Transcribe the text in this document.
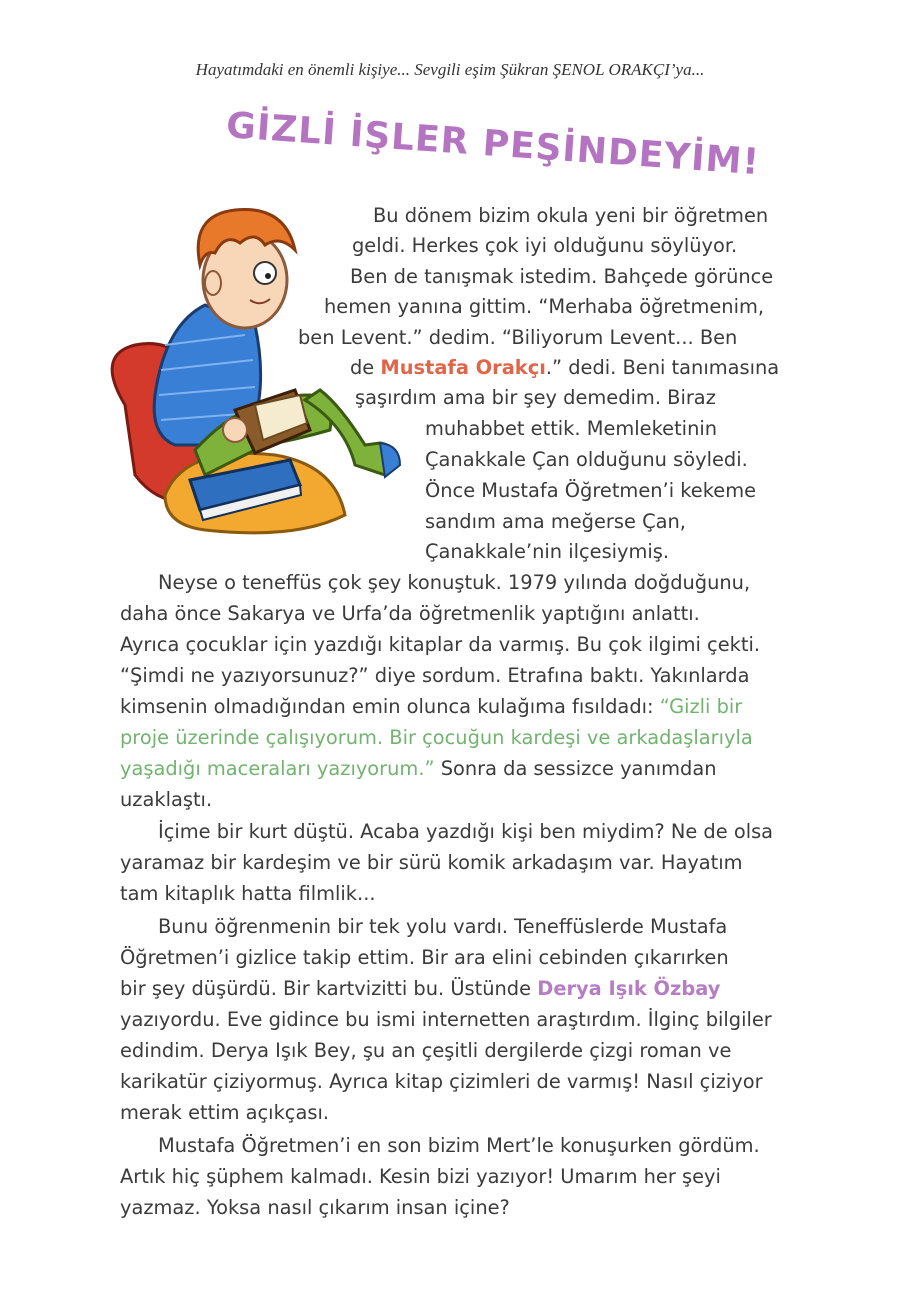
Hayatımdaki en önemli kişiye... Sevgili eşim Şükran ŞENOL ORAKÇI’ya...
GİZLİ İŞLER PEŞİNDEYİM!
Bu dönem bizim okula yeni bir öğretmen
geldi. Herkes çok iyi olduğunu söylüyor.
Ben de tanışmak istedim. Bahçede görünce
hemen yanına gittim. “Merhaba öğretmenim,
ben Levent.” dedim. “Biliyorum Levent... Ben
de Mustafa Orakçı.” dedi. Beni tanımasına
şaşırdım ama bir şey demedim. Biraz
muhabbet ettik. Memleketinin
Çanakkale Çan olduğunu söyledi.
Önce Mustafa Öğretmen’i kekeme
sandım ama meğerse Çan,
Çanakkale’nin ilçesiymiş.
Neyse o teneffüs çok şey konuştuk. 1979 yılında doğduğunu,
daha önce Sakarya ve Urfa’da öğretmenlik yaptığını anlattı.
Ayrıca çocuklar için yazdığı kitaplar da varmış. Bu çok ilgimi çekti.
“Şimdi ne yazıyorsunuz?” diye sordum. Etrafına baktı. Yakınlarda
kimsenin olmadığından emin olunca kulağıma fısıldadı: “Gizli bir
proje üzerinde çalışıyorum. Bir çocuğun kardeşi ve arkadaşlarıyla
yaşadığı maceraları yazıyorum.” Sonra da sessizce yanımdan
uzaklaştı.
İçime bir kurt düştü. Acaba yazdığı kişi ben miydim? Ne de olsa
yaramaz bir kardeşim ve bir sürü komik arkadaşım var. Hayatım
tam kitaplık hatta filmlik...
Bunu öğrenmenin bir tek yolu vardı. Teneffüslerde Mustafa
Öğretmen’i gizlice takip ettim. Bir ara elini cebinden çıkarırken
bir şey düşürdü. Bir kartvizitti bu. Üstünde Derya Işık Özbay
yazıyordu. Eve gidince bu ismi internetten araştırdım. İlginç bilgiler
edindim. Derya Işık Bey, şu an çeşitli dergilerde çizgi roman ve
karikatür çiziyormuş. Ayrıca kitap çizimleri de varmış! Nasıl çiziyor
merak ettim açıkçası.
Mustafa Öğretmen’i en son bizim Mert’le konuşurken gördüm.
Artık hiç şüphem kalmadı. Kesin bizi yazıyor! Umarım her şeyi
yazmaz. Yoksa nasıl çıkarım insan içine?
